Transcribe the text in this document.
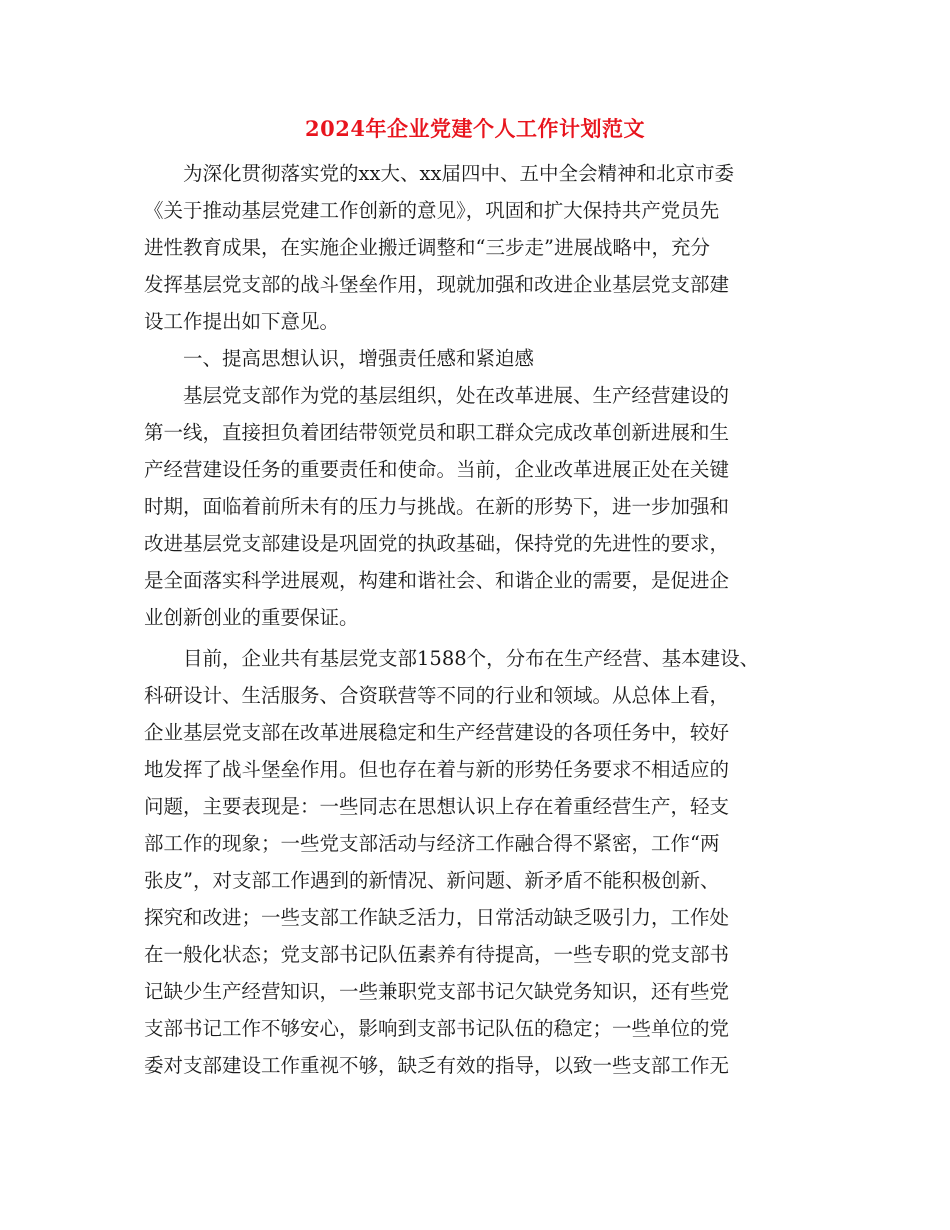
2024年企业党建个人工作计划范文
为深化贯彻落实党的xx大、xx届四中、五中全会精神和北京市委
《关于推动基层党建工作创新的意见》，巩固和扩大保持共产党员先
进性教育成果，在实施企业搬迁调整和“三步走”进展战略中，充分
发挥基层党支部的战斗堡垒作用，现就加强和改进企业基层党支部建
设工作提出如下意见。
一、提高思想认识，增强责任感和紧迫感
基层党支部作为党的基层组织，处在改革进展、生产经营建设的
第一线，直接担负着团结带领党员和职工群众完成改革创新进展和生
产经营建设任务的重要责任和使命。当前，企业改革进展正处在关键
时期，面临着前所未有的压力与挑战。在新的形势下，进一步加强和
改进基层党支部建设是巩固党的执政基础，保持党的先进性的要求，
是全面落实科学进展观，构建和谐社会、和谐企业的需要，是促进企
业创新创业的重要保证。
目前，企业共有基层党支部1588个，分布在生产经营、基本建设、
科研设计、生活服务、合资联营等不同的行业和领域。从总体上看，
企业基层党支部在改革进展稳定和生产经营建设的各项任务中，较好
地发挥了战斗堡垒作用。但也存在着与新的形势任务要求不相适应的
问题，主要表现是：一些同志在思想认识上存在着重经营生产，轻支
部工作的现象；一些党支部活动与经济工作融合得不紧密，工作“两
张皮”，对支部工作遇到的新情况、新问题、新矛盾不能积极创新、
探究和改进；一些支部工作缺乏活力，日常活动缺乏吸引力，工作处
在一般化状态；党支部书记队伍素养有待提高，一些专职的党支部书
记缺少生产经营知识，一些兼职党支部书记欠缺党务知识，还有些党
支部书记工作不够安心，影响到支部书记队伍的稳定；一些单位的党
委对支部建设工作重视不够，缺乏有效的指导，以致一些支部工作无
